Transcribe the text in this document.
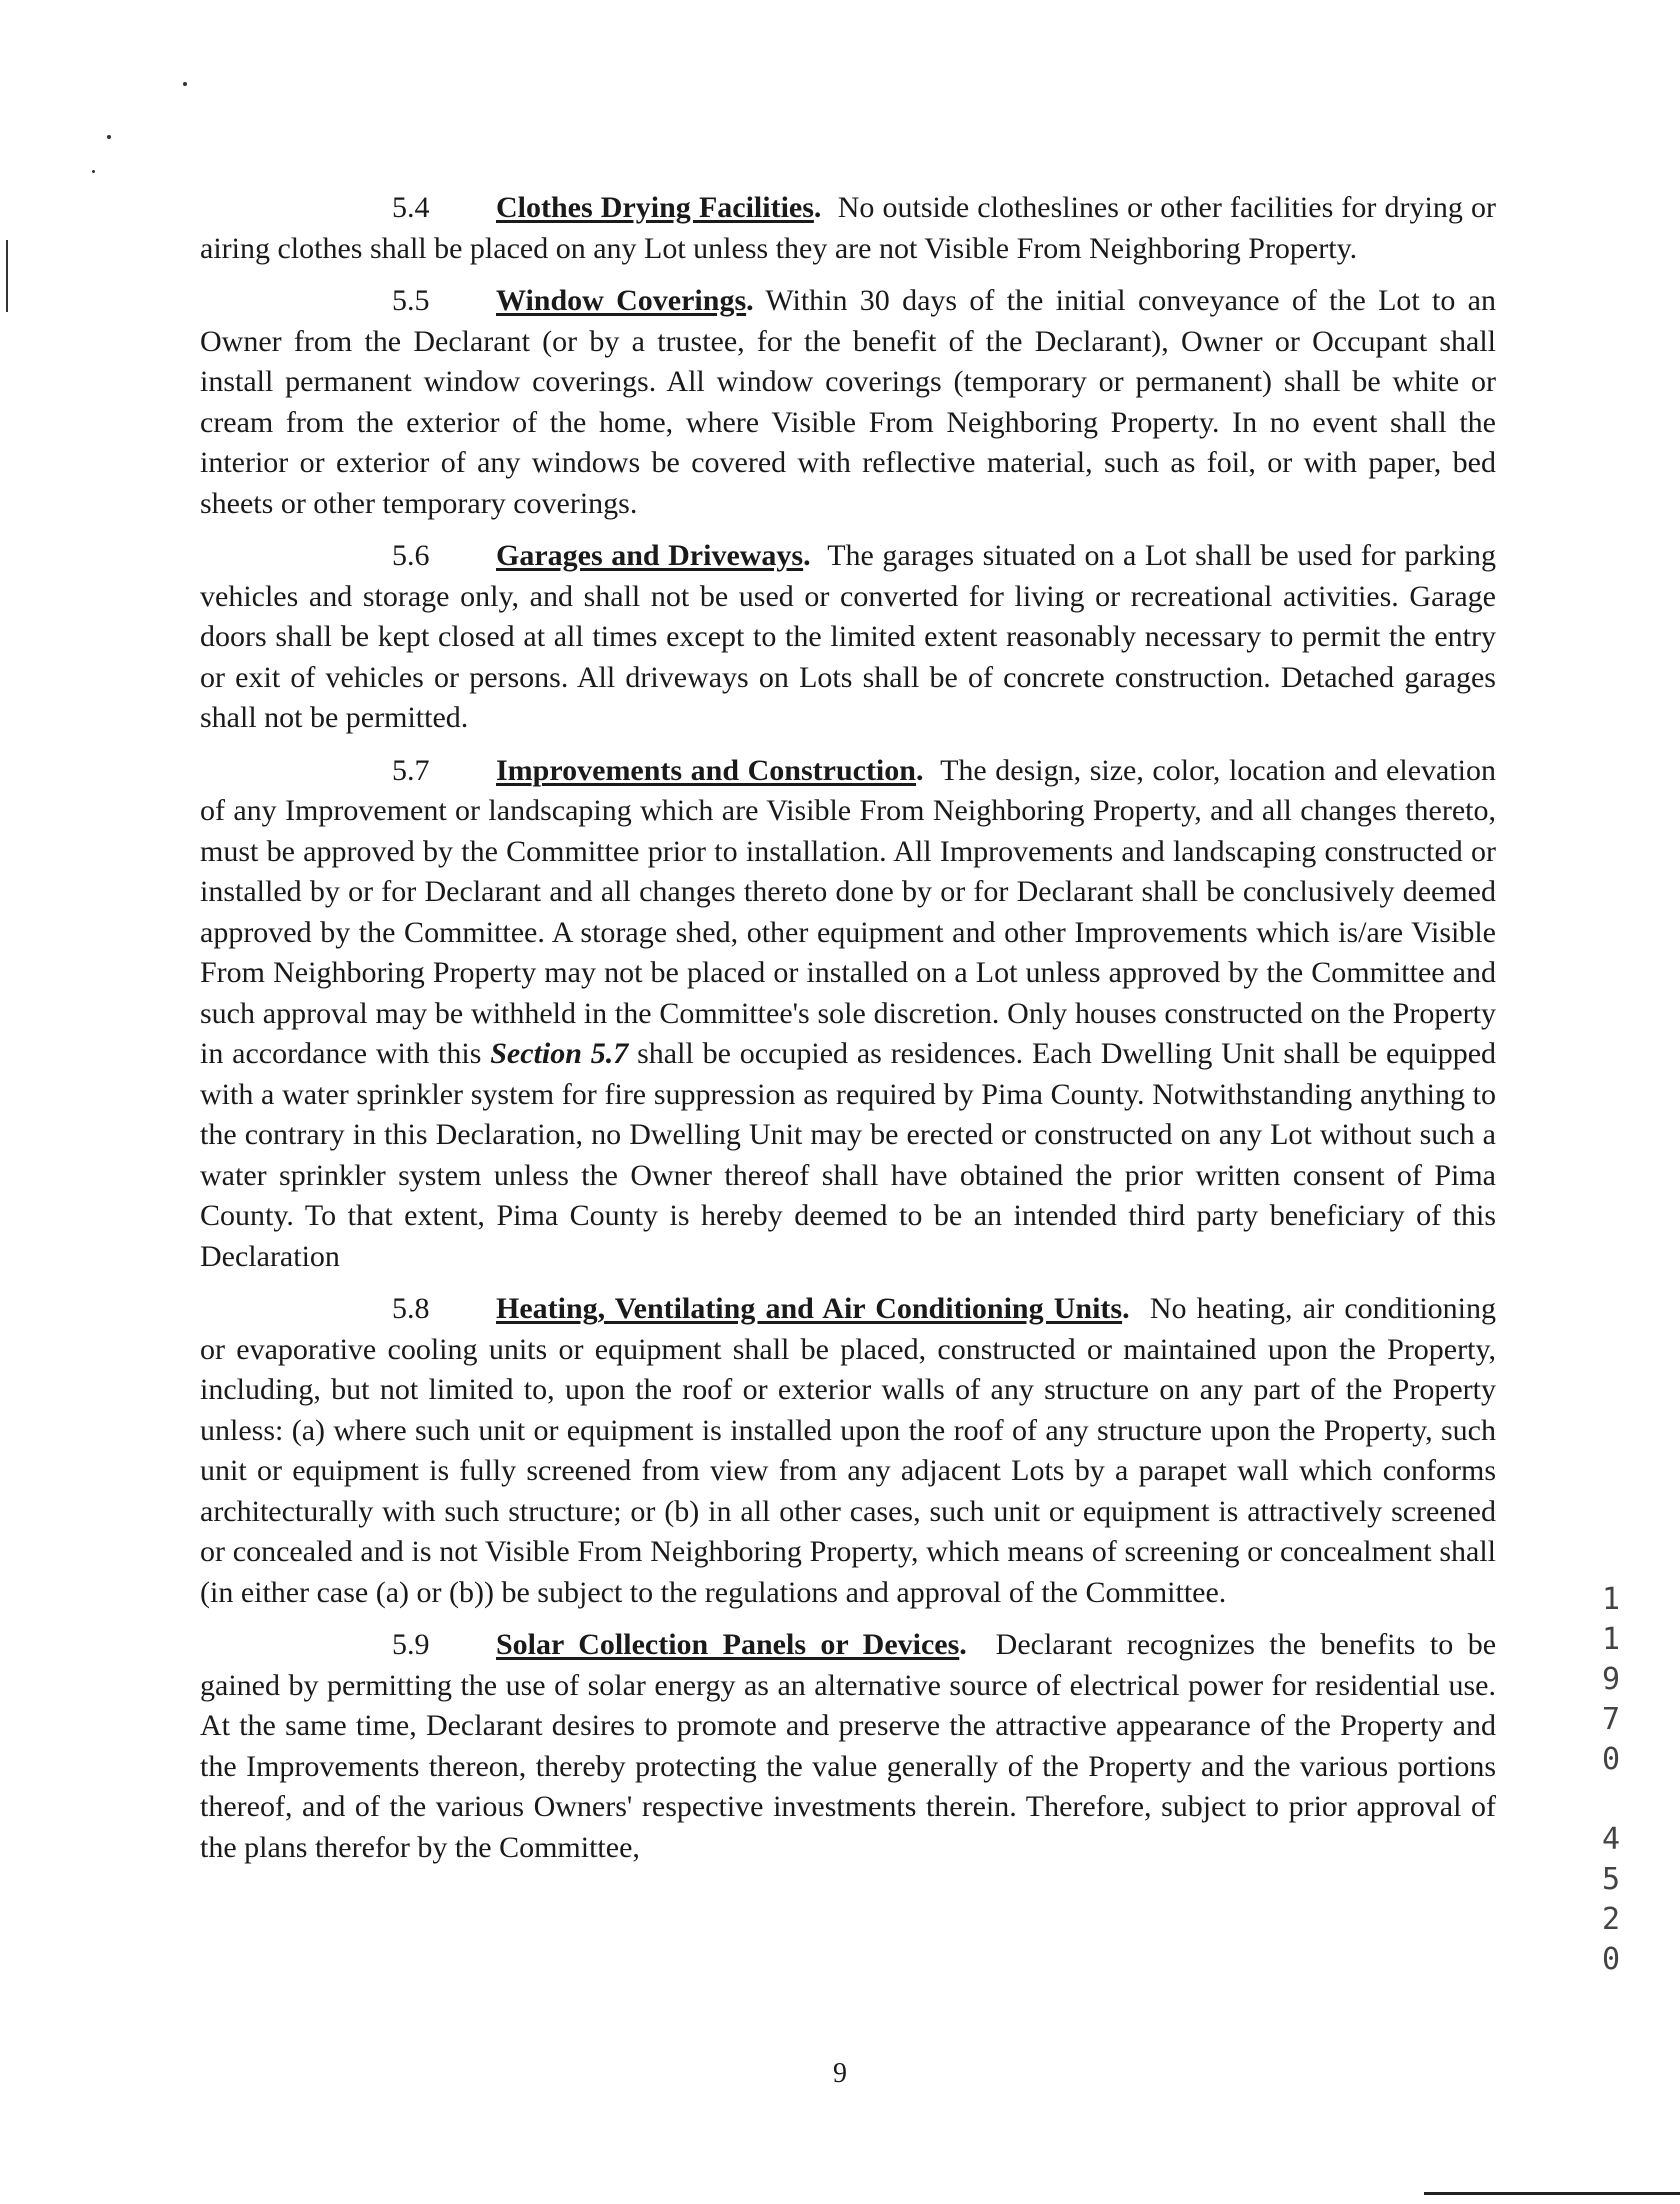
5.4 Clothes Drying Facilities. No outside clotheslines or other facilities for drying or airing clothes shall be placed on any Lot unless they are not Visible From Neighboring Property.

5.5 Window Coverings. Within 30 days of the initial conveyance of the Lot to an Owner from the Declarant (or by a trustee, for the benefit of the Declarant), Owner or Occupant shall install permanent window coverings. All window coverings (temporary or permanent) shall be white or cream from the exterior of the home, where Visible From Neighboring Property. In no event shall the interior or exterior of any windows be covered with reflective material, such as foil, or with paper, bed sheets or other temporary coverings.

5.6 Garages and Driveways. The garages situated on a Lot shall be used for parking vehicles and storage only, and shall not be used or converted for living or recreational activities. Garage doors shall be kept closed at all times except to the limited extent reasonably necessary to permit the entry or exit of vehicles or persons. All driveways on Lots shall be of concrete construction. Detached garages shall not be permitted.

5.7 Improvements and Construction. The design, size, color, location and elevation of any Improvement or landscaping which are Visible From Neighboring Property, and all changes thereto, must be approved by the Committee prior to installation. All Improvements and landscaping constructed or installed by or for Declarant and all changes thereto done by or for Declarant shall be conclusively deemed approved by the Committee. A storage shed, other equipment and other Improvements which is/are Visible From Neighboring Property may not be placed or installed on a Lot unless approved by the Committee and such approval may be withheld in the Committee's sole discretion. Only houses constructed on the Property in accordance with this Section 5.7 shall be occupied as residences. Each Dwelling Unit shall be equipped with a water sprinkler system for fire suppression as required by Pima County. Notwithstanding anything to the contrary in this Declaration, no Dwelling Unit may be erected or constructed on any Lot without such a water sprinkler system unless the Owner thereof shall have obtained the prior written consent of Pima County. To that extent, Pima County is hereby deemed to be an intended third party beneficiary of this Declaration

5.8 Heating, Ventilating and Air Conditioning Units. No heating, air conditioning or evaporative cooling units or equipment shall be placed, constructed or maintained upon the Property, including, but not limited to, upon the roof or exterior walls of any structure on any part of the Property unless: (a) where such unit or equipment is installed upon the roof of any structure upon the Property, such unit or equipment is fully screened from view from any adjacent Lots by a parapet wall which conforms architecturally with such structure; or (b) in all other cases, such unit or equipment is attractively screened or concealed and is not Visible From Neighboring Property, which means of screening or concealment shall (in either case (a) or (b)) be subject to the regulations and approval of the Committee.

5.9 Solar Collection Panels or Devices. Declarant recognizes the benefits to be gained by permitting the use of solar energy as an alternative source of electrical power for residential use. At the same time, Declarant desires to promote and preserve the attractive appearance of the Property and the Improvements thereon, thereby protecting the value generally of the Property and the various portions thereof, and of the various Owners' respective investments therein. Therefore, subject to prior approval of the plans therefor by the Committee,

1
1
9
7
0
4
5
2
0
9
